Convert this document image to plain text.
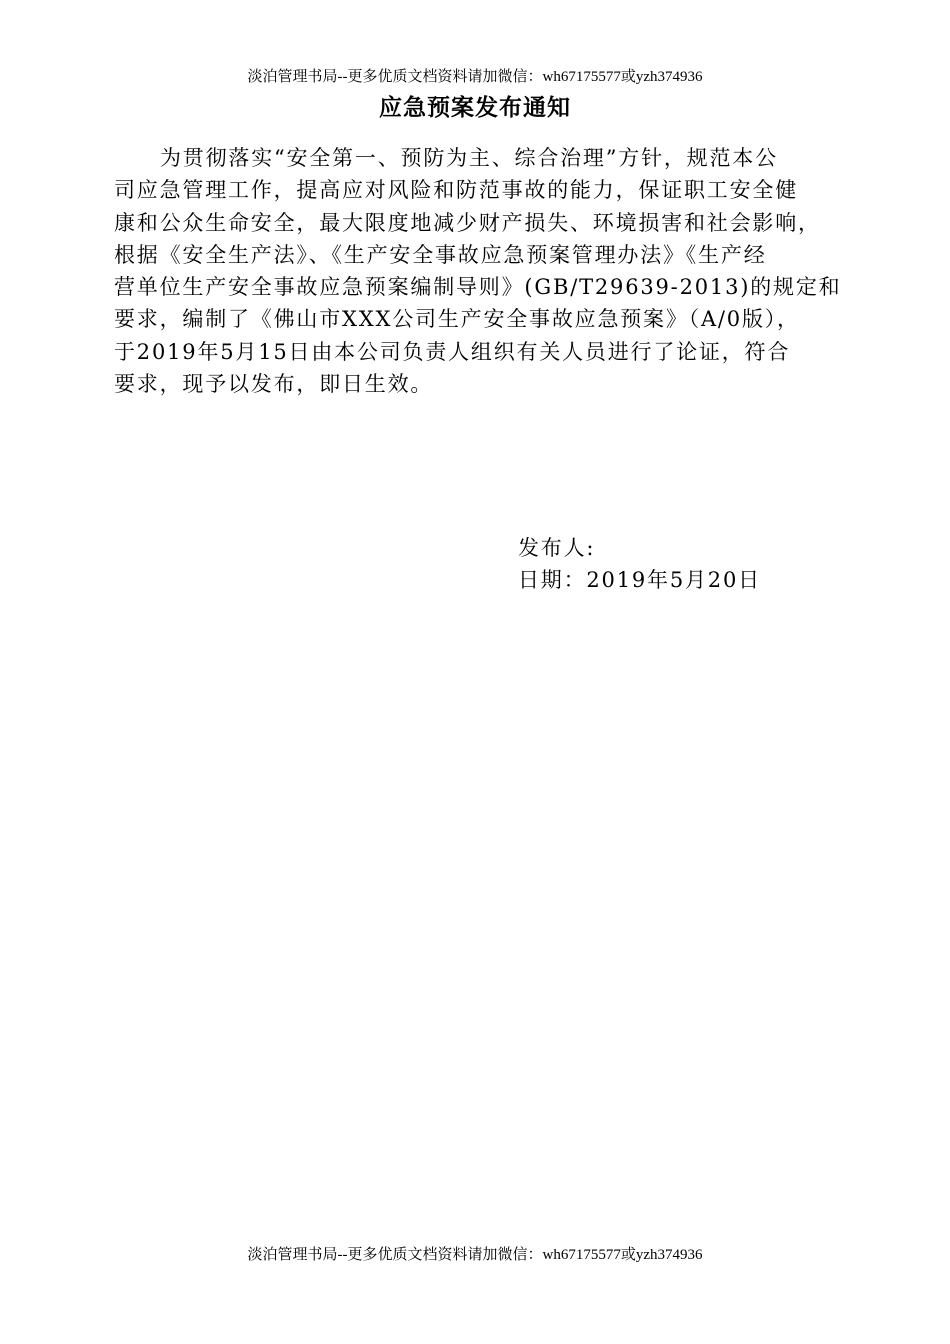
淡泊管理书局--更多优质文档资料请加微信：wh67175577或yzh374936
应急预案发布通知
为贯彻落实“安全第一、预防为主、综合治理”方针，规范本公
司应急管理工作，提高应对风险和防范事故的能力，保证职工安全健
康和公众生命安全，最大限度地减少财产损失、环境损害和社会影响，
根据《安全生产法》、《生产安全事故应急预案管理办法》《生产经
营单位生产安全事故应急预案编制导则》(GB/T29639-2013)的规定和
要求，编制了《佛山市XXX公司生产安全事故应急预案》（A/0版），
于2019年5月15日由本公司负责人组织有关人员进行了论证，符合
要求，现予以发布，即日生效。
发布人:
日期：2019年5月20日
淡泊管理书局--更多优质文档资料请加微信：wh67175577或yzh374936
